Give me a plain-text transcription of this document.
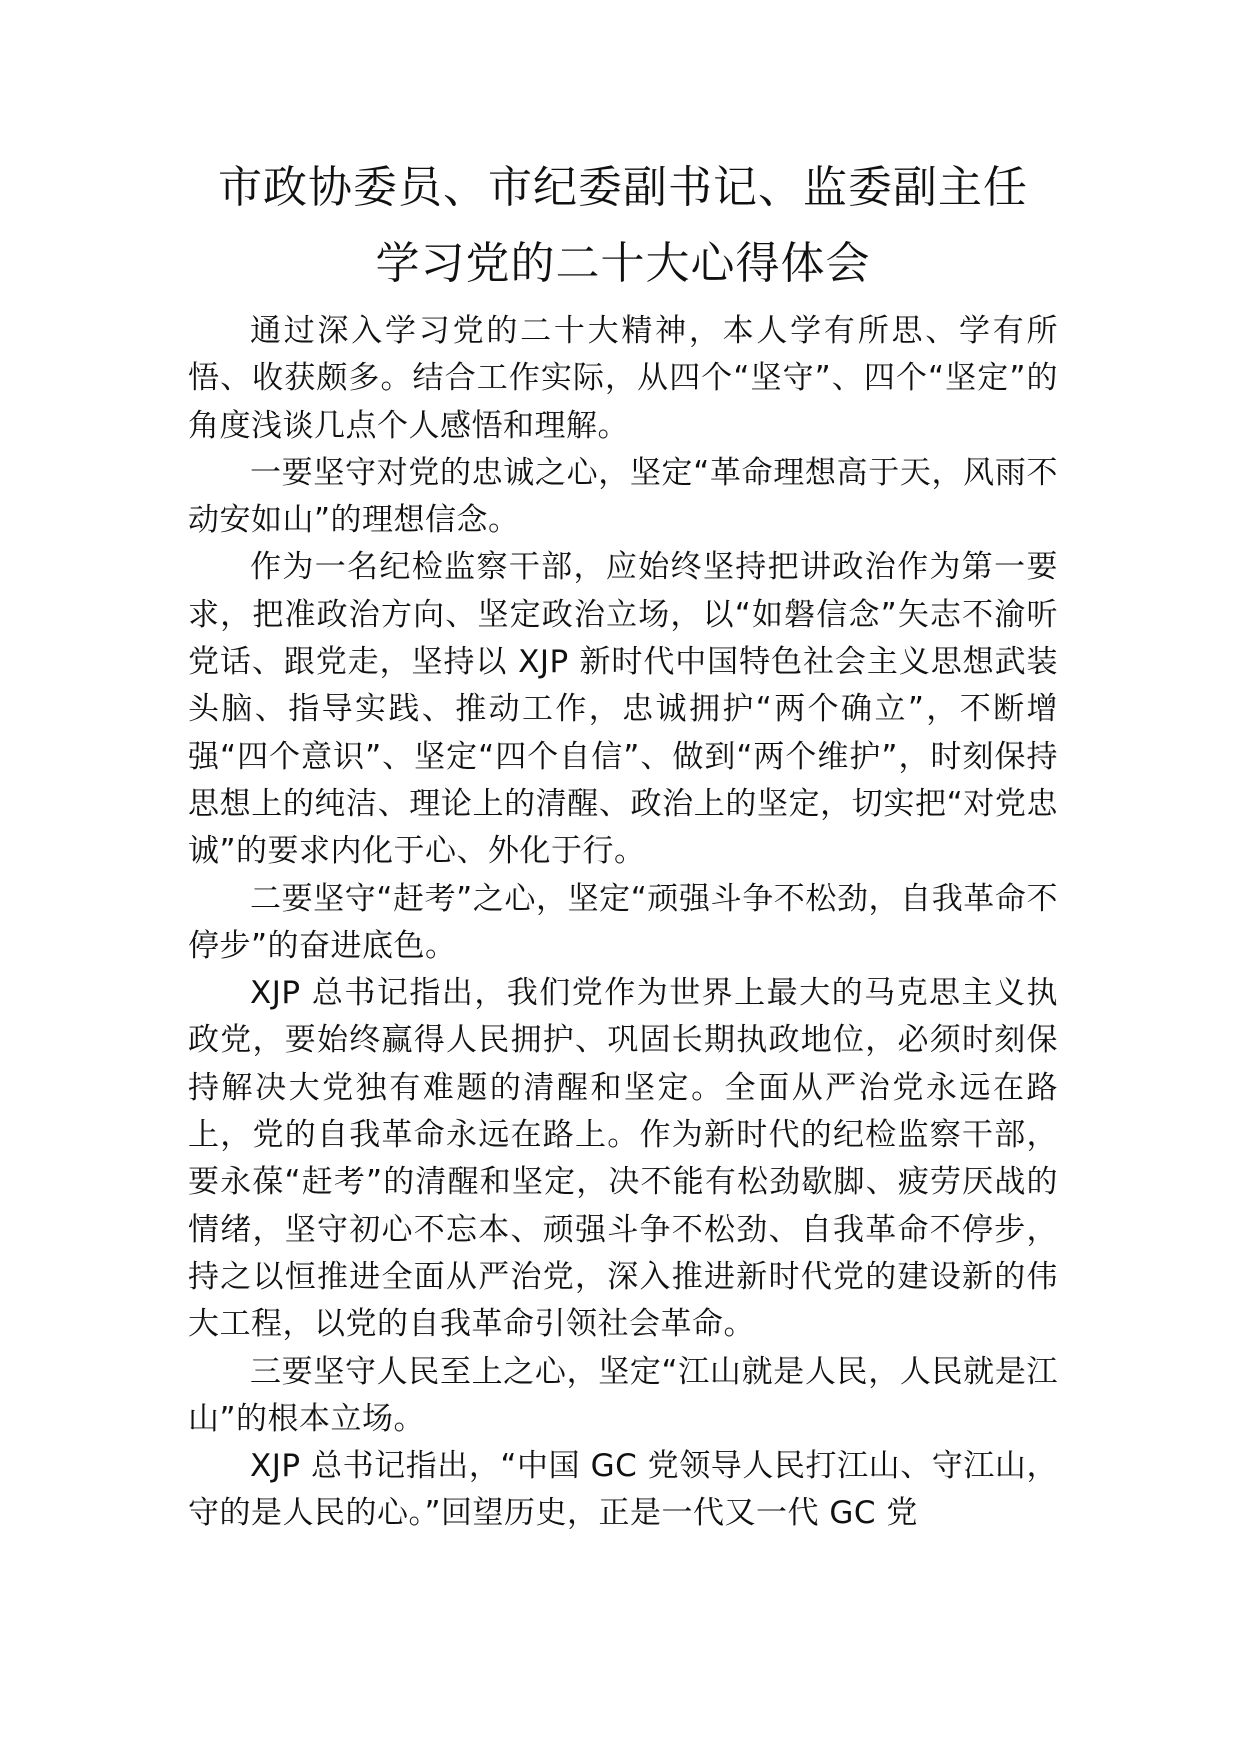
市政协委员、市纪委副书记、监委副主任
学习党的二十大心得体会

通过深入学习党的二十大精神，本人学有所思、学有所悟、收获颇多。结合工作实际，从四个“坚守”、四个“坚定”的角度浅谈几点个人感悟和理解。

一要坚守对党的忠诚之心，坚定“革命理想高于天，风雨不动安如山”的理想信念。

作为一名纪检监察干部，应始终坚持把讲政治作为第一要求，把准政治方向、坚定政治立场，以“如磐信念”矢志不渝听党话、跟党走，坚持以 XJP 新时代中国特色社会主义思想武装头脑、指导实践、推动工作，忠诚拥护“两个确立”，不断增强“四个意识”、坚定“四个自信”、做到“两个维护”，时刻保持思想上的纯洁、理论上的清醒、政治上的坚定，切实把“对党忠诚”的要求内化于心、外化于行。

二要坚守“赶考”之心，坚定“顽强斗争不松劲，自我革命不停步”的奋进底色。

XJP 总书记指出，我们党作为世界上最大的马克思主义执政党，要始终赢得人民拥护、巩固长期执政地位，必须时刻保持解决大党独有难题的清醒和坚定。全面从严治党永远在路上，党的自我革命永远在路上。作为新时代的纪检监察干部，要永葆“赶考”的清醒和坚定，决不能有松劲歇脚、疲劳厌战的情绪，坚守初心不忘本、顽强斗争不松劲、自我革命不停步，持之以恒推进全面从严治党，深入推进新时代党的建设新的伟大工程，以党的自我革命引领社会革命。

三要坚守人民至上之心，坚定“江山就是人民，人民就是江山”的根本立场。

XJP 总书记指出，“中国 GC 党领导人民打江山、守江山，守的是人民的心。”回望历史，正是一代又一代 GC 党
